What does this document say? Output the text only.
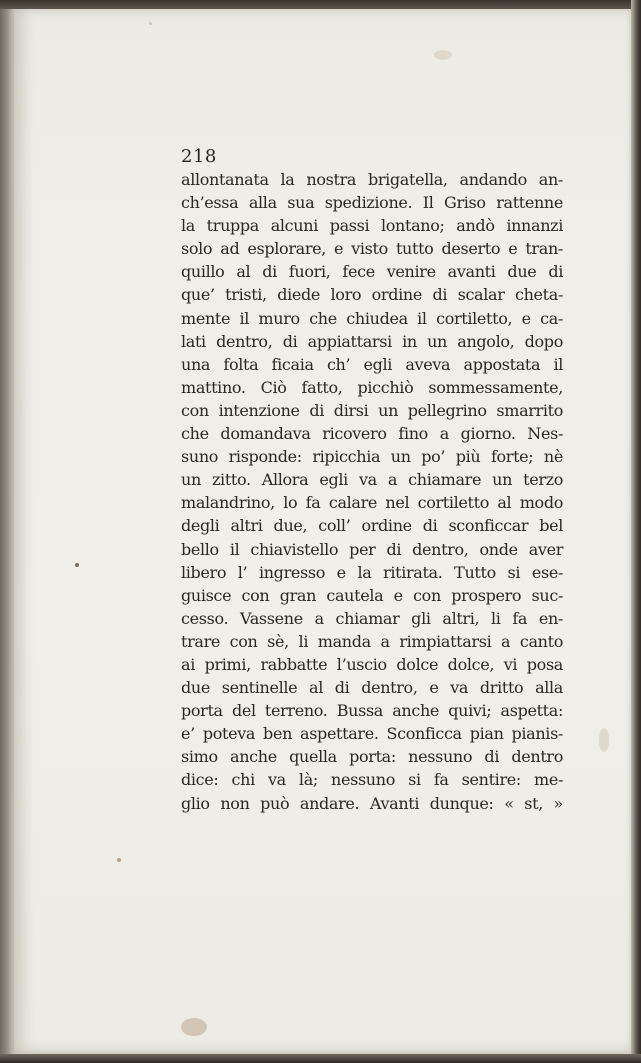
218
allontanata la nostra brigatella, andando an-
ch’essa alla sua spedizione. Il Griso rattenne
la truppa alcuni passi lontano; andò innanzi
solo ad esplorare, e visto tutto deserto e tran-
quillo al di fuori, fece venire avanti due di
que’ tristi, diede loro ordine di scalar cheta-
mente il muro che chiudea il cortiletto, e ca-
lati dentro, di appiattarsi in un angolo, dopo
una folta ficaia ch’ egli aveva appostata il
mattino. Ciò fatto, picchiò sommessamente,
con intenzione di dirsi un pellegrino smarrito
che domandava ricovero fino a giorno. Nes-
suno risponde: ripicchia un po’ più forte; nè
un zitto. Allora egli va a chiamare un terzo
malandrino, lo fa calare nel cortiletto al modo
degli altri due, coll’ ordine di sconficcar bel
bello il chiavistello per di dentro, onde aver
libero l’ ingresso e la ritirata. Tutto si ese-
guisce con gran cautela e con prospero suc-
cesso. Vassene a chiamar gli altri, li fa en-
trare con sè, li manda a rimpiattarsi a canto
ai primi, rabbatte l’uscio dolce dolce, vi posa
due sentinelle al di dentro, e va dritto alla
porta del terreno. Bussa anche quivi; aspetta:
e’ poteva ben aspettare. Sconficca pian pianis-
simo anche quella porta: nessuno di dentro
dice: chi va là; nessuno si fa sentire: me-
glio non può andare. Avanti dunque: « st, »
